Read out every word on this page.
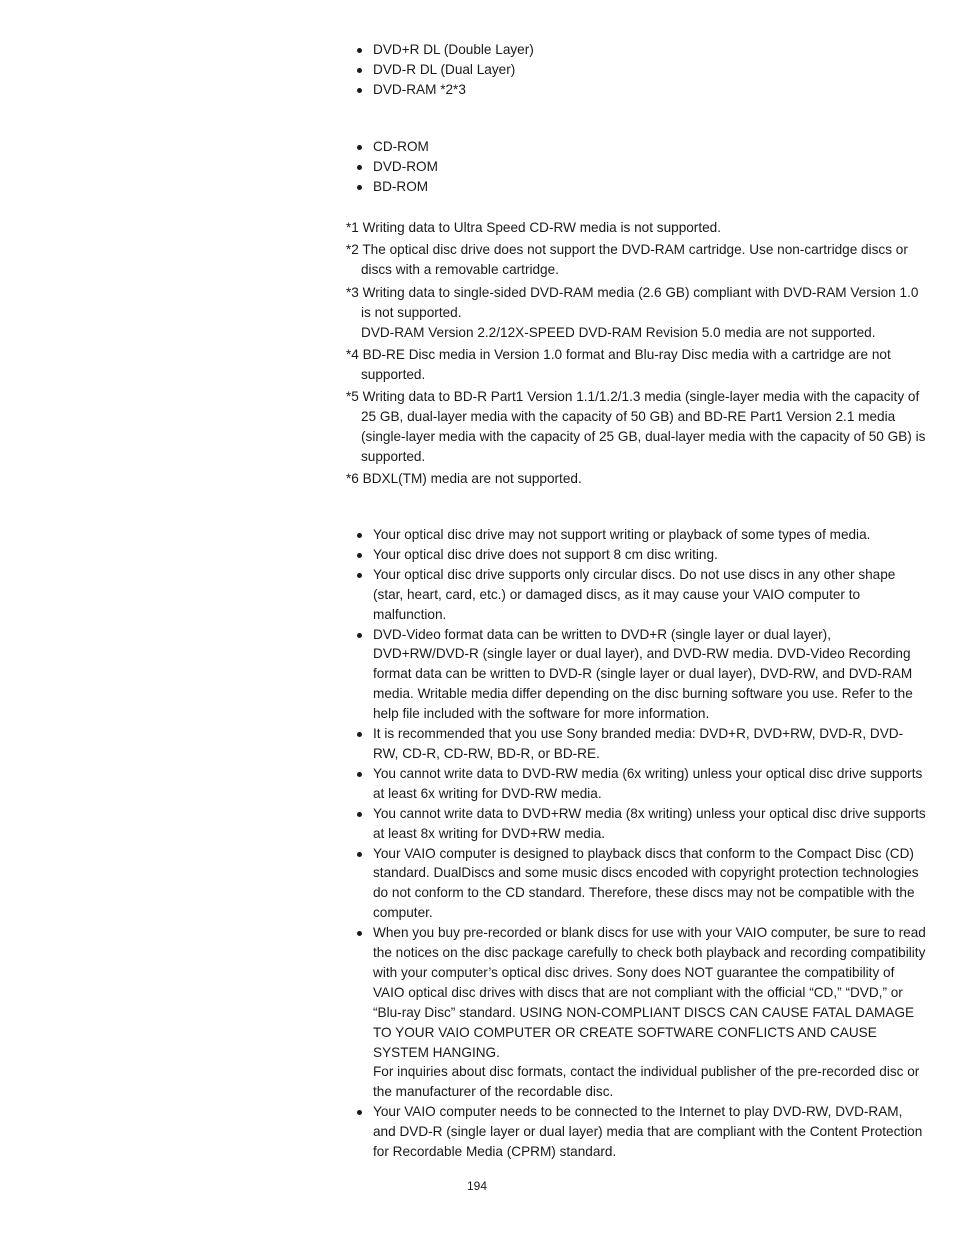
DVD+R DL (Double Layer)
DVD-R DL (Dual Layer)
DVD-RAM *2*3
CD-ROM
DVD-ROM
BD-ROM
*1 Writing data to Ultra Speed CD-RW media is not supported.
*2 The optical disc drive does not support the DVD-RAM cartridge. Use non-cartridge discs or discs with a removable cartridge.
*3 Writing data to single-sided DVD-RAM media (2.6 GB) compliant with DVD-RAM Version 1.0 is not supported.
DVD-RAM Version 2.2/12X-SPEED DVD-RAM Revision 5.0 media are not supported.
*4 BD-RE Disc media in Version 1.0 format and Blu-ray Disc media with a cartridge are not supported.
*5 Writing data to BD-R Part1 Version 1.1/1.2/1.3 media (single-layer media with the capacity of 25 GB, dual-layer media with the capacity of 50 GB) and BD-RE Part1 Version 2.1 media (single-layer media with the capacity of 25 GB, dual-layer media with the capacity of 50 GB) is supported.
*6 BDXL(TM) media are not supported.
Your optical disc drive may not support writing or playback of some types of media.
Your optical disc drive does not support 8 cm disc writing.
Your optical disc drive supports only circular discs. Do not use discs in any other shape (star, heart, card, etc.) or damaged discs, as it may cause your VAIO computer to malfunction.
DVD-Video format data can be written to DVD+R (single layer or dual layer), DVD+RW/DVD-R (single layer or dual layer), and DVD-RW media. DVD-Video Recording format data can be written to DVD-R (single layer or dual layer), DVD-RW, and DVD-RAM media. Writable media differ depending on the disc burning software you use. Refer to the help file included with the software for more information.
It is recommended that you use Sony branded media: DVD+R, DVD+RW, DVD-R, DVD-RW, CD-R, CD-RW, BD-R, or BD-RE.
You cannot write data to DVD-RW media (6x writing) unless your optical disc drive supports at least 6x writing for DVD-RW media.
You cannot write data to DVD+RW media (8x writing) unless your optical disc drive supports at least 8x writing for DVD+RW media.
Your VAIO computer is designed to playback discs that conform to the Compact Disc (CD) standard. DualDiscs and some music discs encoded with copyright protection technologies do not conform to the CD standard. Therefore, these discs may not be compatible with the computer.
When you buy pre-recorded or blank discs for use with your VAIO computer, be sure to read the notices on the disc package carefully to check both playback and recording compatibility with your computer’s optical disc drives. Sony does NOT guarantee the compatibility of VAIO optical disc drives with discs that are not compliant with the official “CD,” “DVD,” or “Blu-ray Disc” standard. USING NON-COMPLIANT DISCS CAN CAUSE FATAL DAMAGE TO YOUR VAIO COMPUTER OR CREATE SOFTWARE CONFLICTS AND CAUSE SYSTEM HANGING.
For inquiries about disc formats, contact the individual publisher of the pre-recorded disc or the manufacturer of the recordable disc.
Your VAIO computer needs to be connected to the Internet to play DVD-RW, DVD-RAM, and DVD-R (single layer or dual layer) media that are compliant with the Content Protection for Recordable Media (CPRM) standard.
194
